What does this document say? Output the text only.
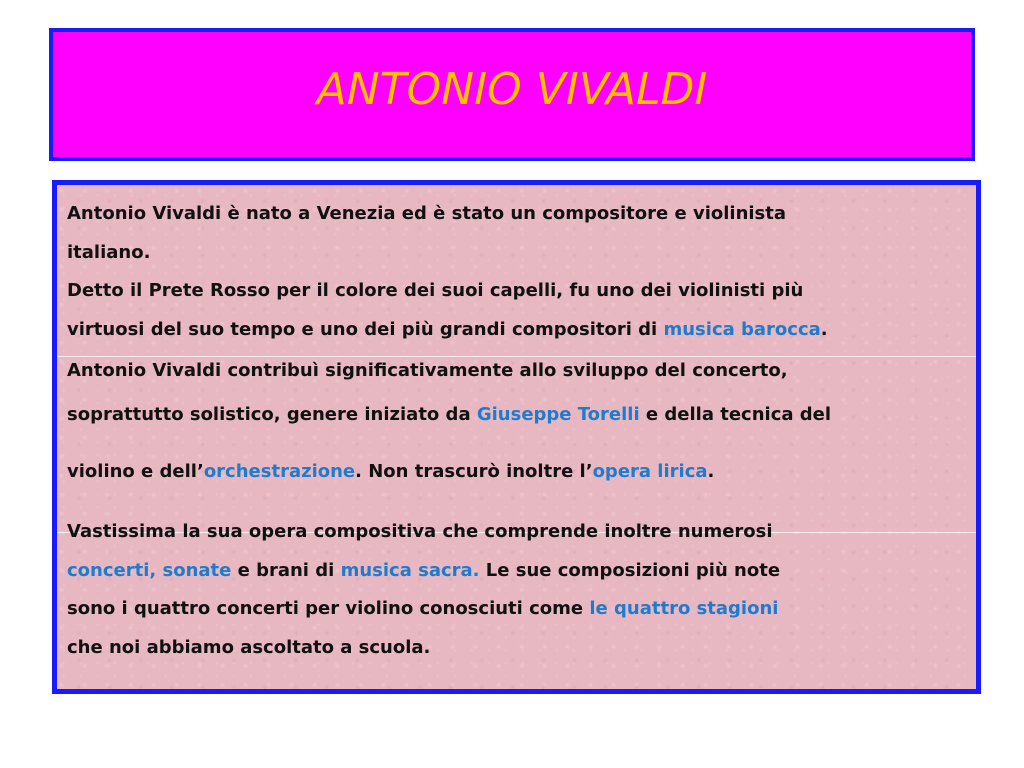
ANTONIO VIVALDI
Antonio Vivaldi è nato a Venezia ed è stato un compositore e violinista
italiano.
Detto il Prete Rosso per il colore dei suoi capelli, fu uno dei violinisti più
virtuosi del suo tempo e uno dei più grandi compositori di musica barocca.
Antonio Vivaldi contribuì significativamente allo sviluppo del concerto,
soprattutto solistico, genere iniziato da Giuseppe Torelli e della tecnica del
violino e dell’orchestrazione. Non trascurò inoltre l’opera lirica.
Vastissima la sua opera compositiva che comprende inoltre numerosi
concerti, sonate e brani di musica sacra. Le sue composizioni più note
sono i quattro concerti per violino conosciuti come le quattro stagioni
che noi abbiamo ascoltato a scuola.
